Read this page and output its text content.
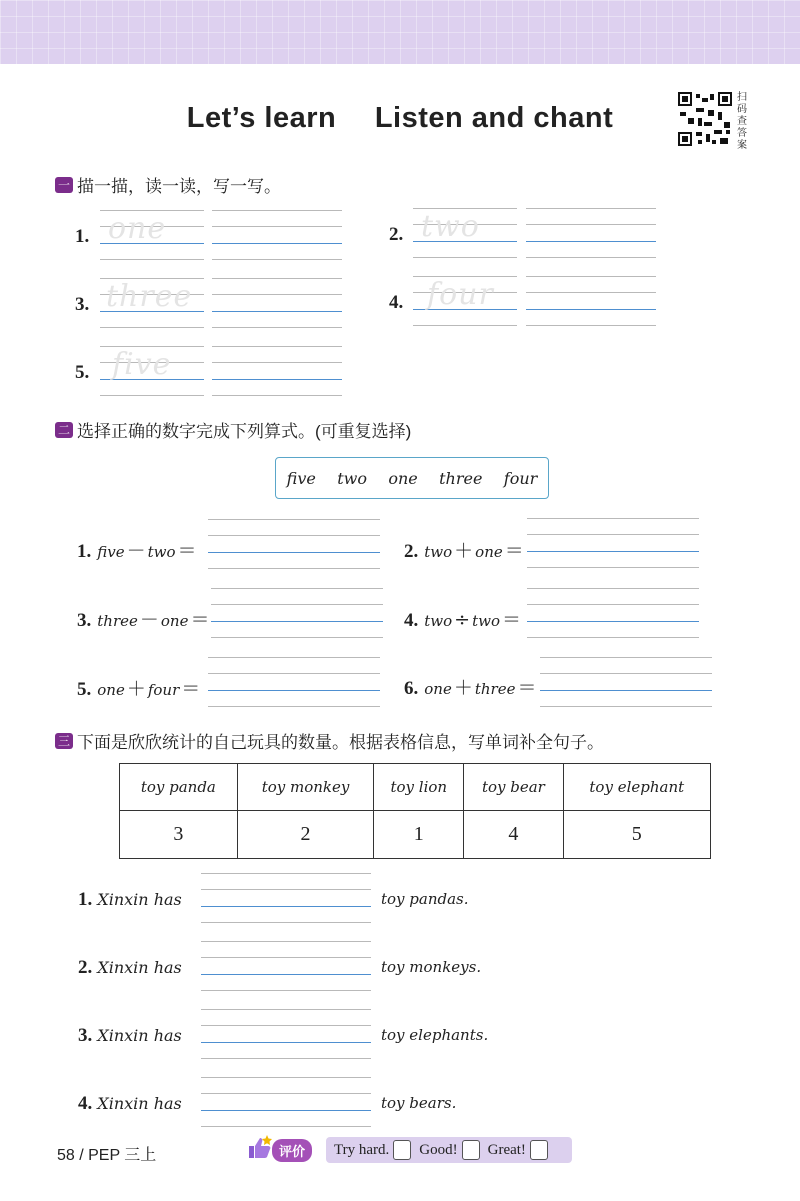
Let’s learn Listen and chant
扫码查答案
一 描一描，读一读，写一写。
1. one	2. two
3. three	4. four
5. five
二 选择正确的数字完成下列算式。(可重复选择)
five two one three four
1. five － two ＝	2. two ＋ one ＝
3. three － one ＝	4. two ÷ two ＝
5. one ＋ four ＝	6. one ＋ three ＝
三 下面是欣欣统计的自己玩具的数量。根据表格信息，写单词补全句子。
toy panda	toy monkey	toy lion	toy bear	toy elephant
3	2	1	4	5
1. Xinxin has	toy pandas.
2. Xinxin has	toy monkeys.
3. Xinxin has	toy elephants.
4. Xinxin has	toy bears.
58 / PEP 三上	评价	Try hard. Good! Great!
